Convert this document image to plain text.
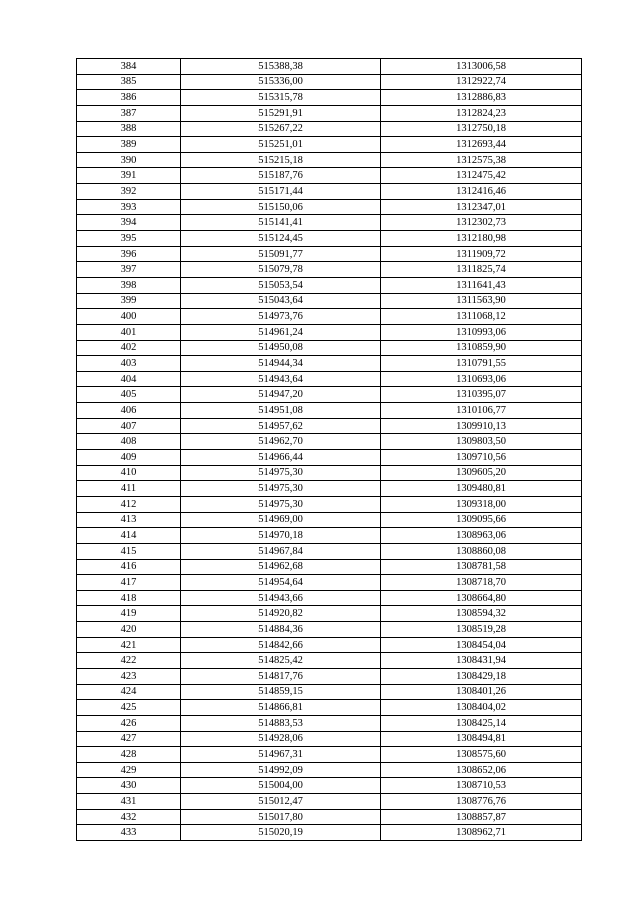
384	515388,38	1313006,58
385	515336,00	1312922,74
386	515315,78	1312886,83
387	515291,91	1312824,23
388	515267,22	1312750,18
389	515251,01	1312693,44
390	515215,18	1312575,38
391	515187,76	1312475,42
392	515171,44	1312416,46
393	515150,06	1312347,01
394	515141,41	1312302,73
395	515124,45	1312180,98
396	515091,77	1311909,72
397	515079,78	1311825,74
398	515053,54	1311641,43
399	515043,64	1311563,90
400	514973,76	1311068,12
401	514961,24	1310993,06
402	514950,08	1310859,90
403	514944,34	1310791,55
404	514943,64	1310693,06
405	514947,20	1310395,07
406	514951,08	1310106,77
407	514957,62	1309910,13
408	514962,70	1309803,50
409	514966,44	1309710,56
410	514975,30	1309605,20
411	514975,30	1309480,81
412	514975,30	1309318,00
413	514969,00	1309095,66
414	514970,18	1308963,06
415	514967,84	1308860,08
416	514962,68	1308781,58
417	514954,64	1308718,70
418	514943,66	1308664,80
419	514920,82	1308594,32
420	514884,36	1308519,28
421	514842,66	1308454,04
422	514825,42	1308431,94
423	514817,76	1308429,18
424	514859,15	1308401,26
425	514866,81	1308404,02
426	514883,53	1308425,14
427	514928,06	1308494,81
428	514967,31	1308575,60
429	514992,09	1308652,06
430	515004,00	1308710,53
431	515012,47	1308776,76
432	515017,80	1308857,87
433	515020,19	1308962,71
